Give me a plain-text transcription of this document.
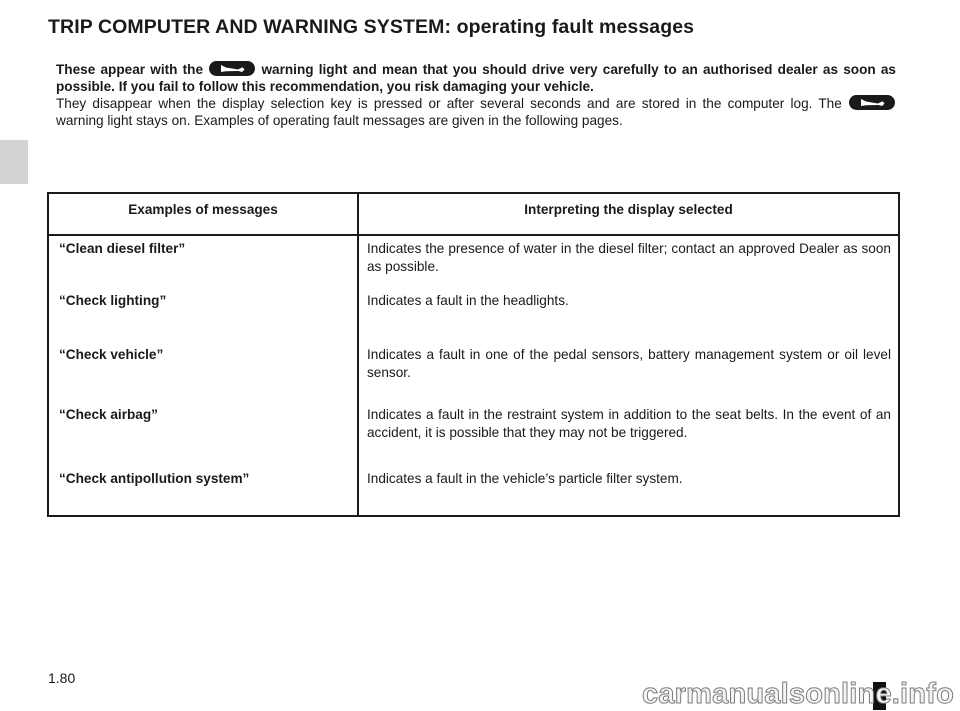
TRIP COMPUTER AND WARNING SYSTEM: operating fault messages

These appear with the	warning light and mean that you should drive very carefully to an authorised dealer as soon as possible. If you fail to follow this recommendation, you risk damaging your vehicle.

They disappear when the display selection key is pressed or after several seconds and are stored in the computer log. The
warning light stays on. Examples of operating fault messages are given in the following pages.

Examples of messages	Interpreting the display selected
“Clean diesel filter”	Indicates the presence of water in the diesel filter; contact an approved Dealer as soon as possible.
“Check lighting”	Indicates a fault in the headlights.
“Check vehicle”	Indicates a fault in one of the pedal sensors, battery management system or oil level sensor.
“Check airbag”	Indicates a fault in the restraint system in addition to the seat belts. In the event of an accident, it is possible that they may not be triggered.
“Check antipollution system”	Indicates a fault in the vehicle’s particle filter system.
1.80	carmanualsonline.info
